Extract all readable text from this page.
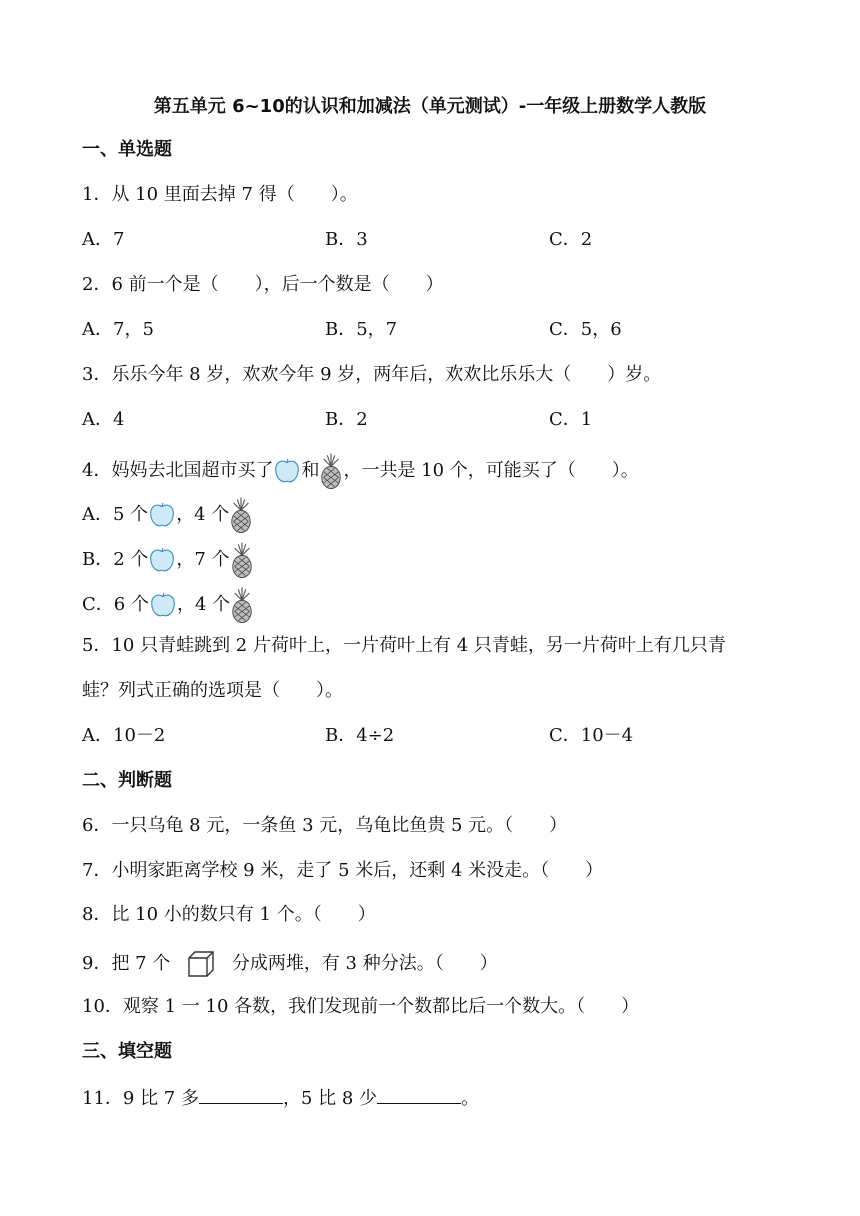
第五单元 6~10的认识和加减法（单元测试）-一年级上册数学人教版
一、单选题
1．从 10 里面去掉 7 得（　　）。
A．7	B．3	C．2
2．6 前一个是（　　），后一个数是（　　）
A．7，5	B．5，7	C．5，6
3．乐乐今年 8 岁，欢欢今年 9 岁，两年后，欢欢比乐乐大（　　）岁。
A．4	B．2	C．1
4．妈妈去北国超市买了 和 ，一共是 10 个，可能买了（　　）。
A．5 个 ，4 个
B．2 个 ，7 个
C．6 个 ，4 个
5．10 只青蛙跳到 2 片荷叶上，一片荷叶上有 4 只青蛙，另一片荷叶上有几只青
蛙？列式正确的选项是（　　）。
A．10－2	B．4÷2	C．10－4
二、判断题
6．一只乌龟 8 元，一条鱼 3 元，乌龟比鱼贵 5 元。（　　）
7．小明家距离学校 9 米，走了 5 米后，还剩 4 米没走。（　　）
8．比 10 小的数只有 1 个。（　　）
9．把 7 个	分成两堆，有 3 种分法。（　　）
10．观察 1 一 10 各数，我们发现前一个数都比后一个数大。（　　）
三、填空题
11．9 比 7 多	，5 比 8 少	。
